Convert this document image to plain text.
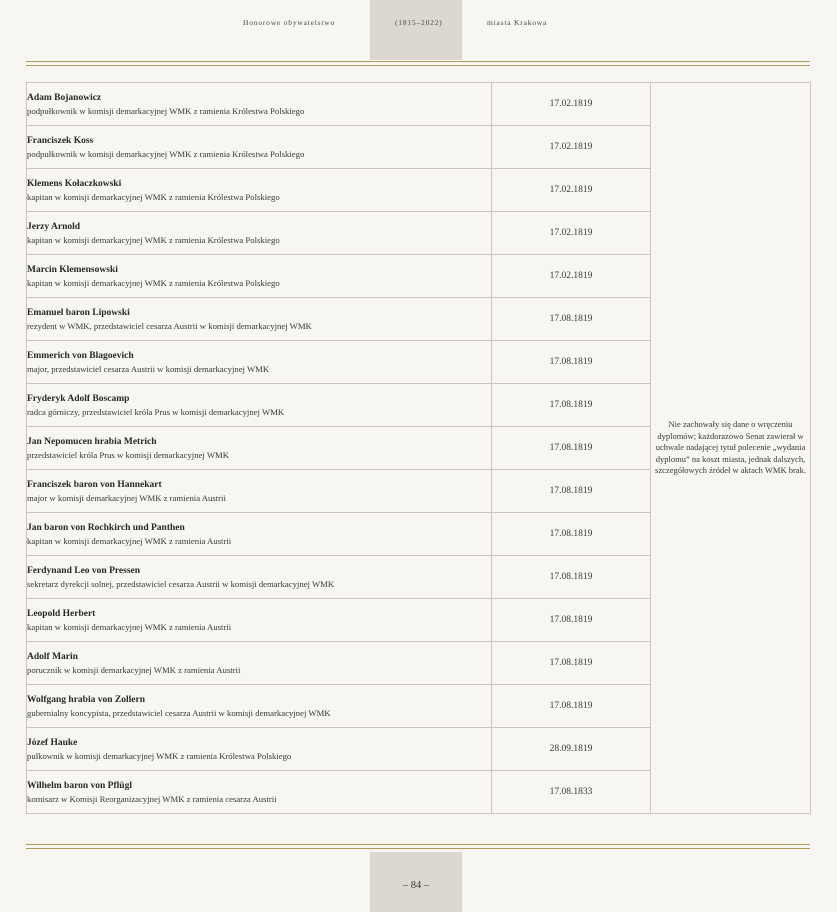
Honorowe obywatelstwo	(1815–2022)	miasta Krakowa
Adam Bojanowicz
podpułkownik w komisji demarkacyjnej WMK z ramienia Królestwa Polskiego	17.02.1819	Nie zachowały się dane o wręczeniu dyplomów; każdorazowo Senat zawierał w uchwale nadającej tytuł polecenie „wydania dyplomu” na koszt miasta, jednak dalszych, szczegółowych źródeł w aktach WMK brak.

Franciszek Koss
podpułkownik w komisji demarkacyjnej WMK z ramienia Królestwa Polskiego	17.02.1819	

Klemens Kołaczkowski
kapitan w komisji demarkacyjnej WMK z ramienia Królestwa Polskiego	17.02.1819	

Jerzy Arnold
kapitan w komisji demarkacyjnej WMK z ramienia Królestwa Polskiego	17.02.1819	

Marcin Klemensowski
kapitan w komisji demarkacyjnej WMK z ramienia Królestwa Polskiego	17.02.1819	

Emanuel baron Lipowski
rezydent w WMK, przedstawiciel cesarza Austrii w komisji demarkacyjnej WMK	17.08.1819	

Emmerich von Blagoevich
major, przedstawiciel cesarza Austrii w komisji demarkacyjnej WMK	17.08.1819	

Fryderyk Adolf Boscamp
radca górniczy, przedstawiciel króla Prus w komisji demarkacyjnej WMK	17.08.1819	

Jan Nepomucen hrabia Metrich
przedstawiciel króla Prus w komisji demarkacyjnej WMK	17.08.1819	

Franciszek baron von Hannekart
major w komisji demarkacyjnej WMK z ramienia Austrii	17.08.1819	

Jan baron von Rochkirch und Panthen
kapitan w komisji demarkacyjnej WMK z ramienia Austrii	17.08.1819	

Ferdynand Leo von Pressen
sekretarz dyrekcji solnej, przedstawiciel cesarza Austrii w komisji demarkacyjnej WMK	17.08.1819	

Leopold Herbert
kapitan w komisji demarkacyjnej WMK z ramienia Austrii	17.08.1819	

Adolf Marin
porucznik w komisji demarkacyjnej WMK z ramienia Austrii	17.08.1819	

Wolfgang hrabia von Zollern
gubernialny koncypista, przedstawiciel cesarza Austrii w komisji demarkacyjnej WMK	17.08.1819	

Józef Hauke
pułkownik w komisji demarkacyjnej WMK z ramienia Królestwa Polskiego	28.09.1819	

Wilhelm baron von Pflügl
komisarz w Komisji Reorganizacyjnej WMK z ramienia cesarza Austrii	17.08.1833	
– 84 –
